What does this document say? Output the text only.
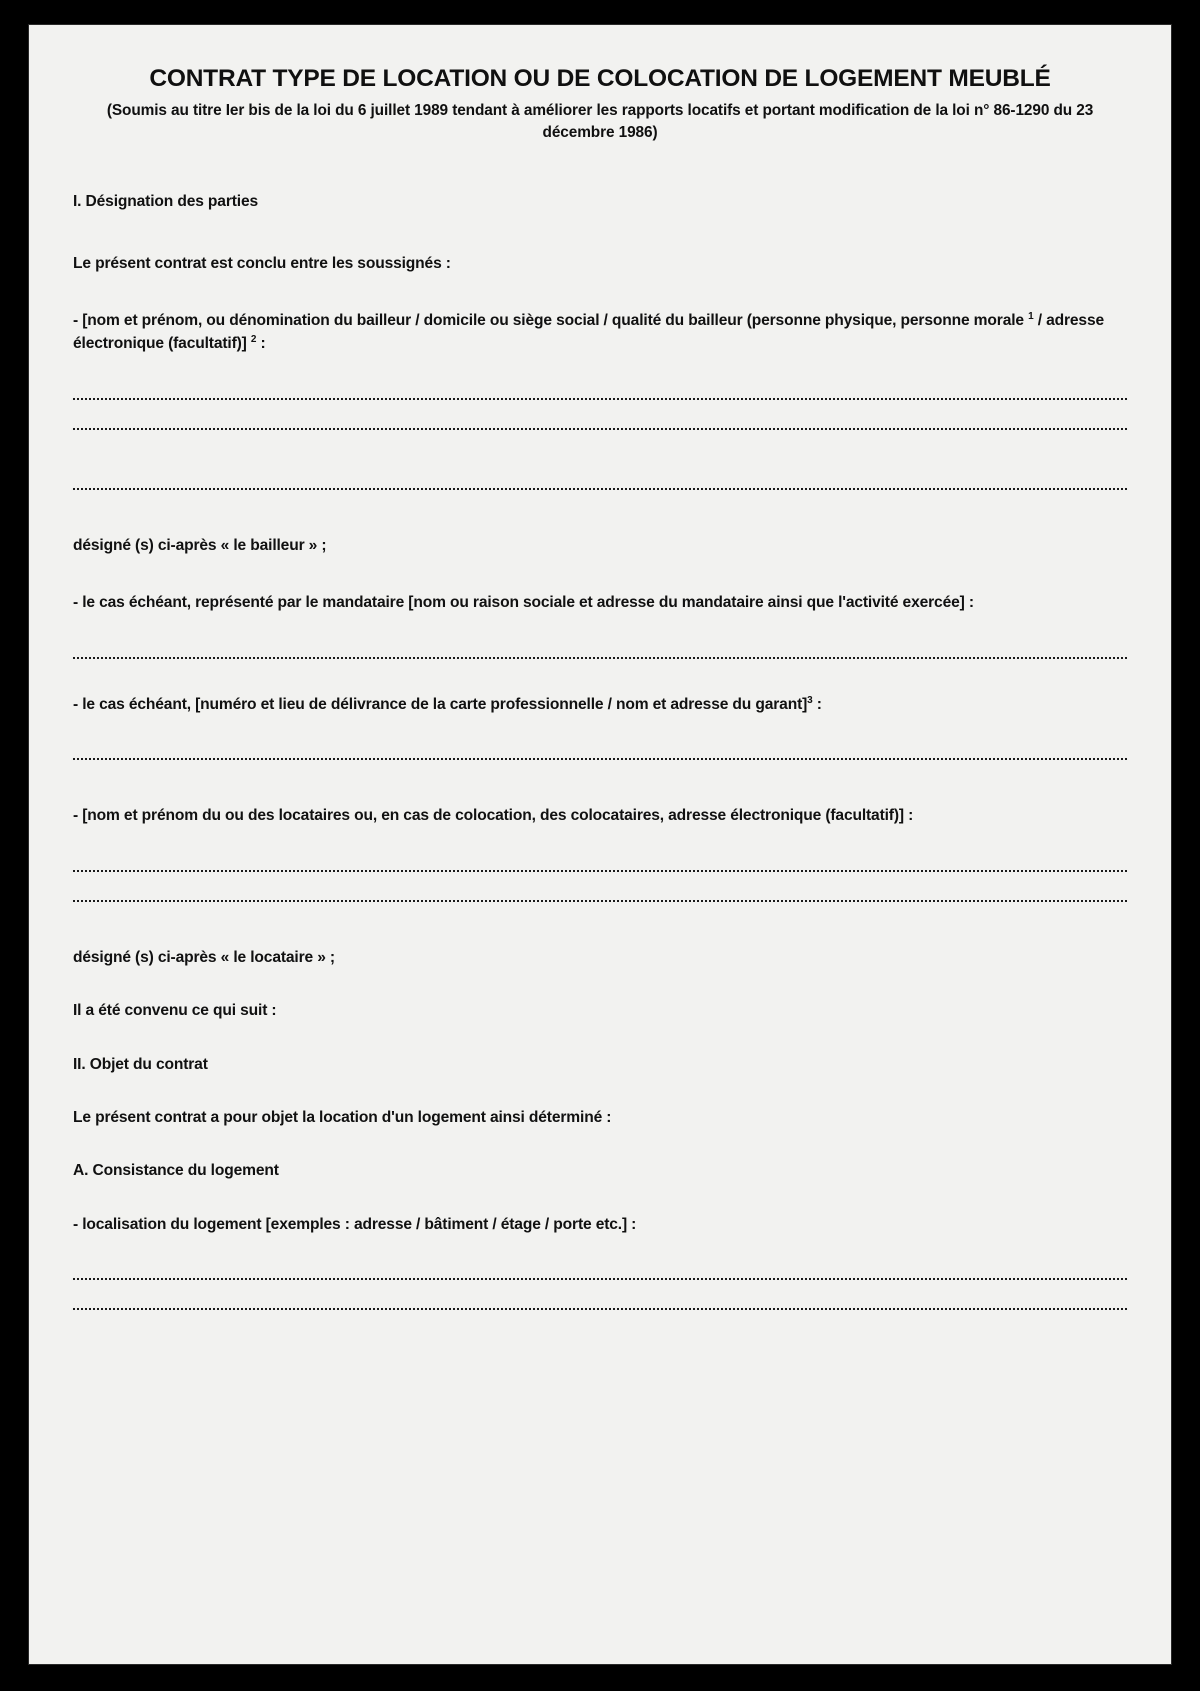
CONTRAT TYPE DE LOCATION OU DE COLOCATION DE LOGEMENT MEUBLÉ
(Soumis au titre Ier bis de la loi du 6 juillet 1989 tendant à améliorer les rapports locatifs et portant modification de la loi n° 86-1290 du 23 décembre 1986)
I. Désignation des parties
Le présent contrat est conclu entre les soussignés :
- [nom et prénom, ou dénomination du bailleur / domicile ou siège social / qualité du bailleur (personne physique, personne morale $^1$ / adresse électronique (facultatif)] $^2$ :
désigné (s) ci-après « le bailleur » ;
- le cas échéant, représenté par le mandataire [nom ou raison sociale et adresse du mandataire ainsi que l'activité exercée] :
- le cas échéant, [numéro et lieu de délivrance de la carte professionnelle / nom et adresse du garant]$^3$ :
- [nom et prénom du ou des locataires ou, en cas de colocation, des colocataires, adresse électronique (facultatif)] :
désigné (s) ci-après « le locataire » ;
Il a été convenu ce qui suit :
II. Objet du contrat
Le présent contrat a pour objet la location d'un logement ainsi déterminé :
A. Consistance du logement
- localisation du logement [exemples : adresse / bâtiment / étage / porte etc.] :
